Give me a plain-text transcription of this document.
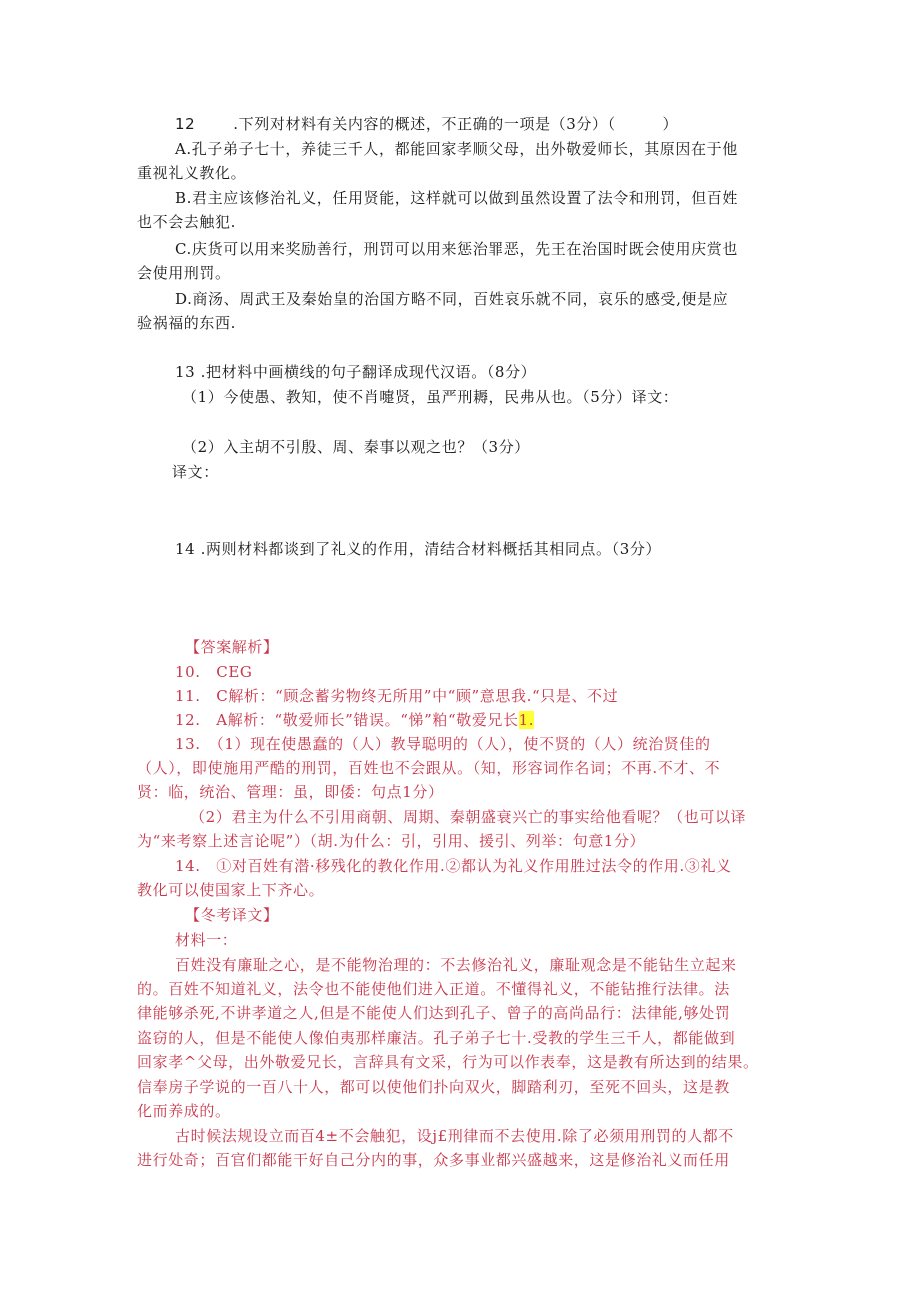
12	.下列对材料有关内容的概述，不正确的一项是（3分）（　　　）
A.孔子弟子七十，养徒三千人，都能回家孝顺父母，出外敬爱师长，其原因在于他
重视礼义教化。
B.君主应该修治礼义，任用贤能，这样就可以做到虽然设置了法令和刑罚，但百姓
也不会去触犯.
C.庆货可以用来奖励善行，刑罚可以用来惩治罪恶，先王在治国时既会使用庆赏也
会使用刑罚。
D.商汤、周武王及秦始皇的治国方略不同，百姓哀乐就不同，哀乐的感受,便是应
验祸福的东西.
13 .把材料中画横线的句子翻译成现代汉语。（8分）
（1）今使愚、教知，使不肖嚏贤，虽严刑耨，民弗从也。（5分）译文：
（2）入主胡不引殷、周、秦事以观之也？（3分）
译文：
14 .两则材料都谈到了礼义的作用，清结合材料概括其相同点。（3分）
【答案解析】
10.　CEG
11.　C解析：“顾念蓄劣物终无所用”中“顾”意思我.“只是、不过
12.　A解析：“敬爱师长”错误。“悌”粕“敬爱兄长1.
13.　（1）现在使愚蠢的（人）教导聪明的（人），使不贤的（人）统治贤佳的
（人），即使施用严酷的刑罚，百姓也不会跟从。（知，形容词作名词；不再.不才、不
贤：临，统治、管理：虽，即倭：句点1分）
（2）君主为什么不引用商朝、周期、秦朝盛衰兴亡的事实给他看呢？（也可以译
为“来考察上述言论呢”）（胡.为什么：引，引用、援引、列举：句意1分）
14.　①对百姓有潜·移残化的教化作用.②都认为礼义作用胜过法令的作用.③礼义
教化可以使国家上下齐心。
【冬考译文】
材料一：
百姓没有廉耻之心，是不能物治理的：不去修治礼义，廉耻观念是不能钻生立起来
的。百姓不知道礼义，法令也不能使他们进入正道。不懂得礼义，不能钻推行法律。法
律能够杀死,不讲孝道之人,但是不能使人们达到孔子、曾子的高尚品行：法律能,够处罚
盗窃的人，但是不能使人像伯夷那样廉洁。孔子弟子七十.受教的学生三千人，都能做到
回家孝^父母，出外敬爱兄长，言辞具有文采，行为可以作表奉，这是教有所达到的结果。
信奉房子学说的一百八十人，都可以使他们扑向双火，脚踏利刃，至死不回头，这是教
化而养成的。
古时候法规设立而百4±不会触犯，设j£刑律而不去使用.除了必须用刑罚的人都不
进行处奇；百官们都能干好自己分内的事，众多事业都兴盛越来，这是修治礼义而任用
